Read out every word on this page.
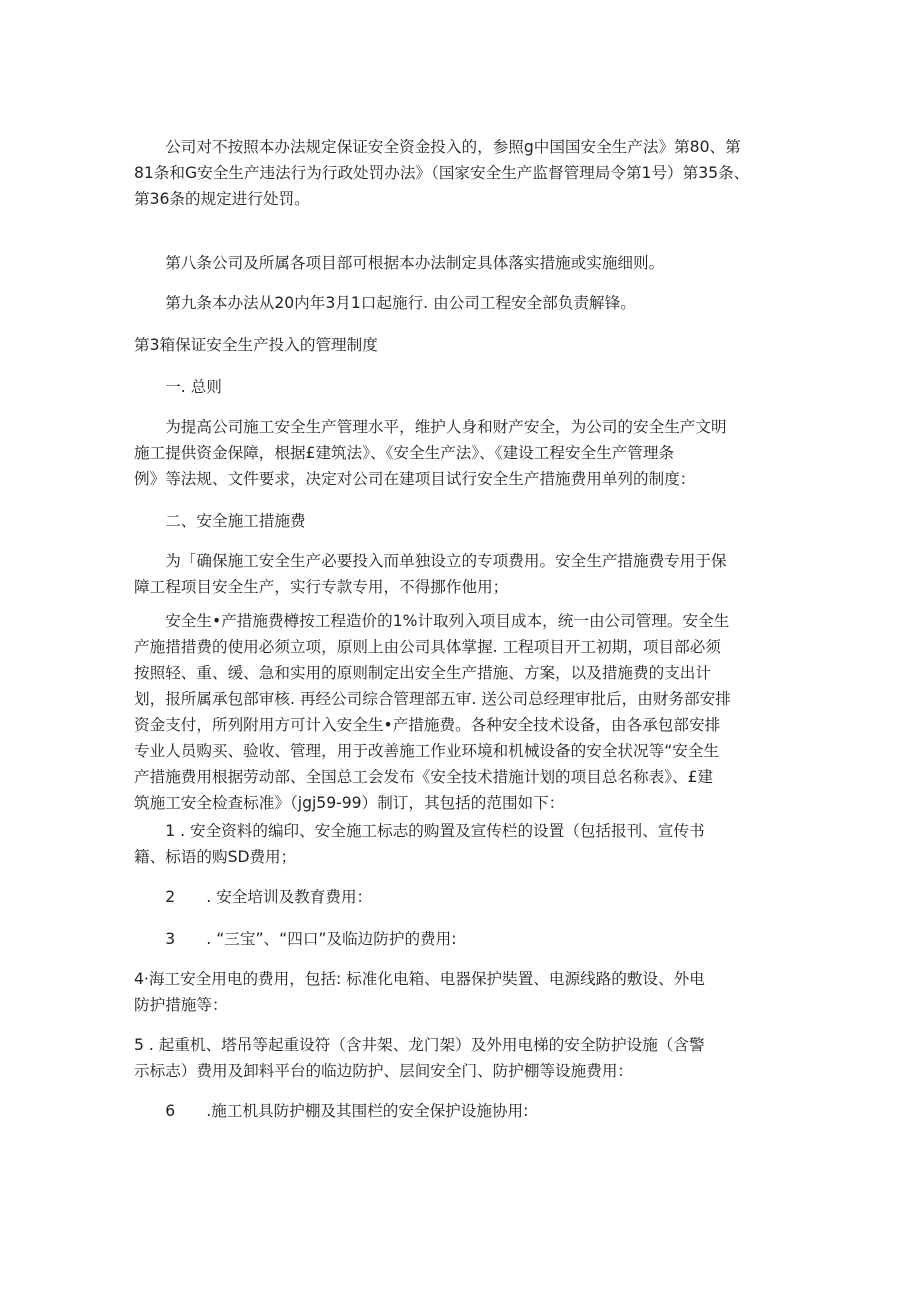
　　公司对不按照本办法规定保证安全资金投入的，参照g中国国安全生产法》第80、第
81条和G安全生产违法行为行政处罚办法》（国家安全生产监督管理局令第1号）第35条、
第36条的规定进行处罚。
　　第八条公司及所属各项目部可根据本办法制定具体落实措施或实施细则。
　　第九条本办法从20内年3月1口起施行. 由公司工程安全部负责解锋。
第3箱保证安全生产投入的管理制度
　　一. 总则
　　为提高公司施工安全生产管理水平，维护人身和财产安全，为公司的安全生产文明
施工提供资金保障，根据£建筑法》、《安全生产法》、《建设工程安全生产管理条
例》等法规、文件要求，决定对公司在建项目试行安全生产措施费用单列的制度：
　　二、安全施工措施费
　　为「确保施工安全生产必要投入而单独设立的专项费用。安全生产措施费专用于保
障工程项目安全生产，实行专款专用，不得挪作他用；
　　安全生•产措施费樽按工程造价的1%计取列入项目成本，统一由公司管理。安全生
产施措措费的使用必须立项，原则上由公司具体掌握. 工程项目开工初期，项目部必须
按照轻、重、缓、急和实用的原则制定出安全生产措施、方案，以及措施费的支出计
划，报所属承包部审核. 再经公司综合管理部五审. 送公司总经理审批后，由财务部安排
资金支付，所列附用方可计入安全生•产措施费。各种安全技术设备，由各承包部安排
专业人员购买、验收、管理，用于改善施工作业环境和机械设备的安全状况等“安全生
产措施费用根据劳动部、全国总工会发布《安全技术措施计划的项目总名称表》、£建
筑施工安全检查标准》（jgj59-99）制订，其包括的范围如下：
　　1 . 安全资料的编印、安全施工标志的购置及宣传栏的设置（包括报刊、宣传书
籍、标语的购SD费用；
　　2　　. 安全培训及教育费用：
　　3　　. “三宝”、“四口”及临边防护的费用:
4·海工安全用电的费用，包括: 标准化电箱、电器保护奘置、电源线路的敷设、外电
防护措施等：
5 . 起重机、塔吊等起重设符（含井架、龙门架）及外用电梯的安全防护设施（含警
示标志）费用及卸料平台的临边防护、层间安全门、防护棚等设施费用：
　　6　　.施工机具防护棚及其围栏的安全保护设施协用:
